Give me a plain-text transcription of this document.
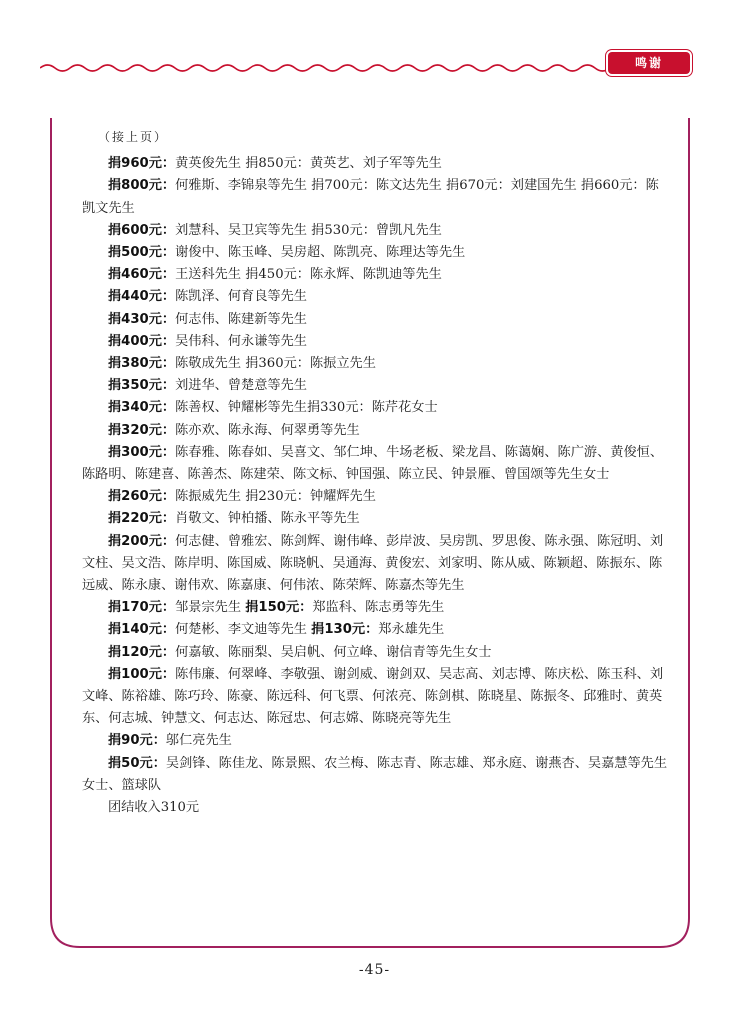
鸣谢

（接上页）

捐960元：黄英俊先生 捐850元：黄英艺、刘子军等先生

捐800元：何雅斯、李锦泉等先生 捐700元：陈文达先生 捐670元：刘建国先生 捐660元：陈凯文先生

捐600元：刘慧科、吴卫宾等先生 捐530元：曾凯凡先生

捐500元：谢俊中、陈玉峰、吴房超、陈凯亮、陈理达等先生

捐460元：王送科先生 捐450元：陈永辉、陈凯迪等先生

捐440元：陈凯泽、何育良等先生

捐430元：何志伟、陈建新等先生

捐400元：吴伟科、何永谦等先生

捐380元：陈敬成先生 捐360元：陈振立先生

捐350元：刘进华、曾楚意等先生

捐340元：陈善权、钟耀彬等先生捐330元：陈芹花女士

捐320元：陈亦欢、陈永海、何翠勇等先生

捐300元：陈春雅、陈春如、吴喜文、邹仁坤、牛场老板、梁龙昌、陈蔼娴、陈广游、黄俊恒、陈路明、陈建喜、陈善杰、陈建荣、陈文标、钟国强、陈立民、钟景雁、曾国颂等先生女士

捐260元：陈振威先生 捐230元：钟耀辉先生

捐220元：肖敬文、钟柏播、陈永平等先生

捐200元：何志健、曾雅宏、陈剑辉、谢伟峰、彭岸波、吴房凯、罗思俊、陈永强、陈冠明、刘文柱、吴文浩、陈岸明、陈国威、陈晓帆、吴通海、黄俊宏、刘家明、陈从威、陈颖超、陈振东、陈远威、陈永康、谢伟欢、陈嘉康、何伟浓、陈荣辉、陈嘉杰等先生

捐170元：邹景宗先生 捐150元：郑监科、陈志勇等先生

捐140元：何楚彬、李文迪等先生 捐130元：郑永雄先生

捐120元：何嘉敏、陈丽梨、吴启帆、何立峰、谢信青等先生女士

捐100元：陈伟廉、何翠峰、李敬强、谢剑威、谢剑双、吴志高、刘志博、陈庆松、陈玉科、刘文峰、陈裕雄、陈巧玲、陈豪、陈远科、何飞票、何浓亮、陈剑棋、陈晓星、陈振冬、邱雅时、黄英东、何志城、钟慧文、何志达、陈冠忠、何志嫦、陈晓亮等先生

捐90元：邬仁亮先生

捐50元：吴剑锋、陈佳龙、陈景熙、农兰梅、陈志青、陈志雄、郑永庭、谢燕杏、吴嘉慧等先生女士、篮球队

团结收入310元

-45-
